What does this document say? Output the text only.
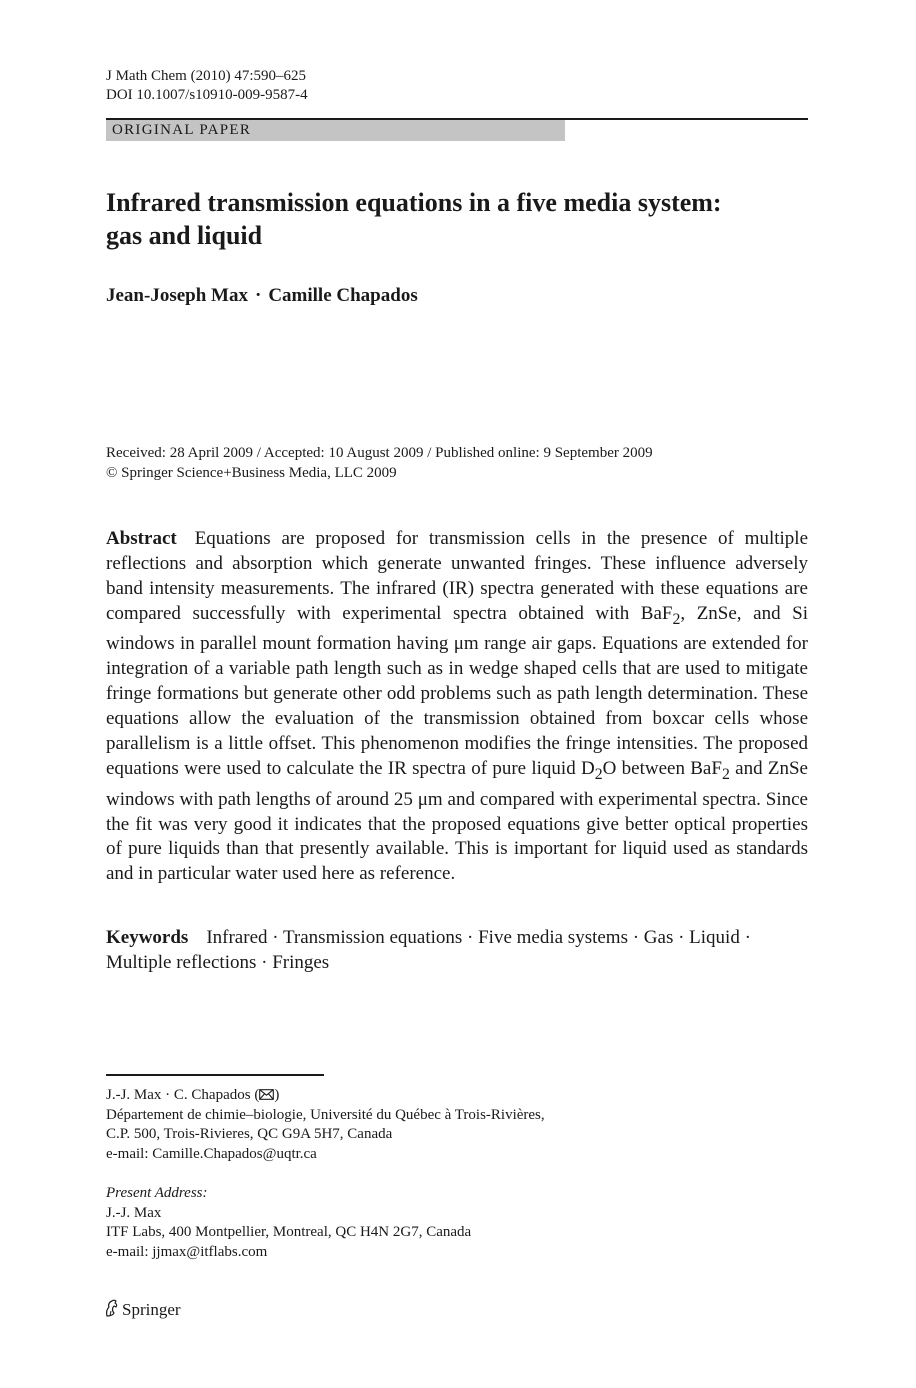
J Math Chem (2010) 47:590–625
DOI 10.1007/s10910-009-9587-4
ORIGINAL PAPER
Infrared transmission equations in a five media system:
gas and liquid
Jean-Joseph Max · Camille Chapados
Received: 28 April 2009 / Accepted: 10 August 2009 / Published online: 9 September 2009
© Springer Science+Business Media, LLC 2009
Abstract Equations are proposed for transmission cells in the presence of multiple reflections and absorption which generate unwanted fringes. These influence adversely band intensity measurements. The infrared (IR) spectra generated with these equations are compared successfully with experimental spectra obtained with BaF$_2$, ZnSe, and Si windows in parallel mount formation having μm range air gaps. Equations are extended for integration of a variable path length such as in wedge shaped cells that are used to mitigate fringe formations but generate other odd problems such as path length determination. These equations allow the evaluation of the transmission obtained from boxcar cells whose parallelism is a little offset. This phenomenon modifies the fringe intensities. The proposed equations were used to calculate the IR spectra of pure liquid $D_2O$ between BaF$_2$ and ZnSe windows with path lengths of around 25 μm and compared with experimental spectra. Since the fit was very good it indicates that the proposed equations give better optical properties of pure liquids than that presently available. This is important for liquid used as standards and in particular water used here as reference.
Keywords Infrared · Transmission equations · Five media systems · Gas · Liquid · Multiple reflections · Fringes
J.-J. Max · C. Chapados ( )
Département de chimie–biologie, Université du Québec à Trois-Rivières,
C.P. 500, Trois-Rivieres, QC G9A 5H7, Canada
e-mail: Camille.Chapados@uqtr.ca
Present Address:
J.-J. Max
ITF Labs, 400 Montpellier, Montreal, QC H4N 2G7, Canada
e-mail: jjmax@itflabs.com
Springer
